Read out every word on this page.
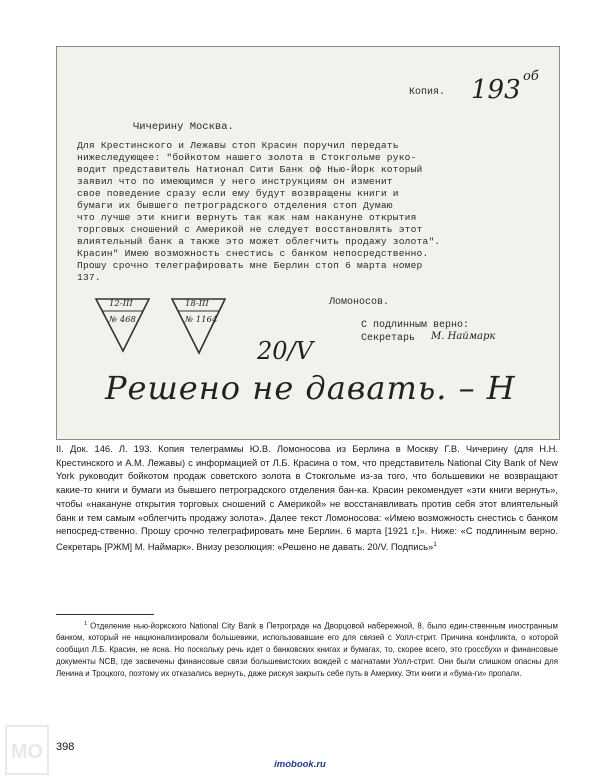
Копия. 193 об
Чичерину Москва.
Для Крестинского и Лежавы стоп Красин поручил передать
нижеследующее: "бойкотом нашего золота в Стокгольме руко-
водит представитель Натионал Сити Банк оф Нью-Йорк который
заявил что по имеющимся у него инструкциям он изменит
свое поведение сразу если ему будут возвращены книги и
бумаги их бывшего петроградского отделения стоп Думаю
что лучше эти книги вернуть так как нам накануне открытия
торговых сношений с Америкой не следует восстановлять этот
влиятельный банк а также это может облегчить продажу золота".
Красин" Имею возможность снестись с банком непосредственно.
Прошу срочно телеграфировать мне Берлин стоп 6 марта номер
137.
Ломоносов.
12-III
№ 468
18-III
№ 1164	С подлинным верно:
Секретарь М. Наймарк
20/V
Решено не давать. – Н
II. Док. 146. Л. 193. Копия телеграммы Ю.В. Ломоносова из Берлина в Москву Г.В. Чичерину (для Н.Н. Крестинского и А.М. Лежавы) с информацией от Л.Б. Красина о том, что представитель National City Bank of New York руководит бойкотом продаж советского золота в Стокгольме из-за того, что большевики не возвращают какие-то книги и бумаги из бывшего петроградского отделения бан-ка. Красин рекомендует «эти книги вернуть», чтобы «накануне открытия торговых сношений с Америкой» не восстанавливать против себя этот влиятельный банк и тем самым «облегчить продажу золота». Далее текст Ломоносова: «Имею возможность снестись с банком непосред-ственно. Прошу срочно телеграфировать мне Берлин. 6 марта [1921 г.]». Ниже: «С подлинным верно. Секретарь [РЖМ] М. Наймарк». Внизу резолюция: «Решено не давать. 20/V. Подпись»$^1$
$^1$ Отделение нью-йоркского National City Bank в Петрограде на Дворцовой набережной, 8, было един-ственным иностранным банком, который не национализировали большевики, использовавшие его для связей с Уолл-стрит. Причина конфликта, о которой сообщил Л.Б. Красин, не ясна. Но поскольку речь идет о банковских книгах и бумагах, то, скорее всего, это гроссбухи и финансовые документы NCB, где засвечены финансовые связи большевистских вождей с магнатами Уолл-стрит. Они были слишком опасны для Ленина и Троцкого, поэтому их отказались вернуть, даже рискуя закрыть себе путь в Америку. Эти книги и «бума-ги» пропали.
398
MO
imobook.ru
